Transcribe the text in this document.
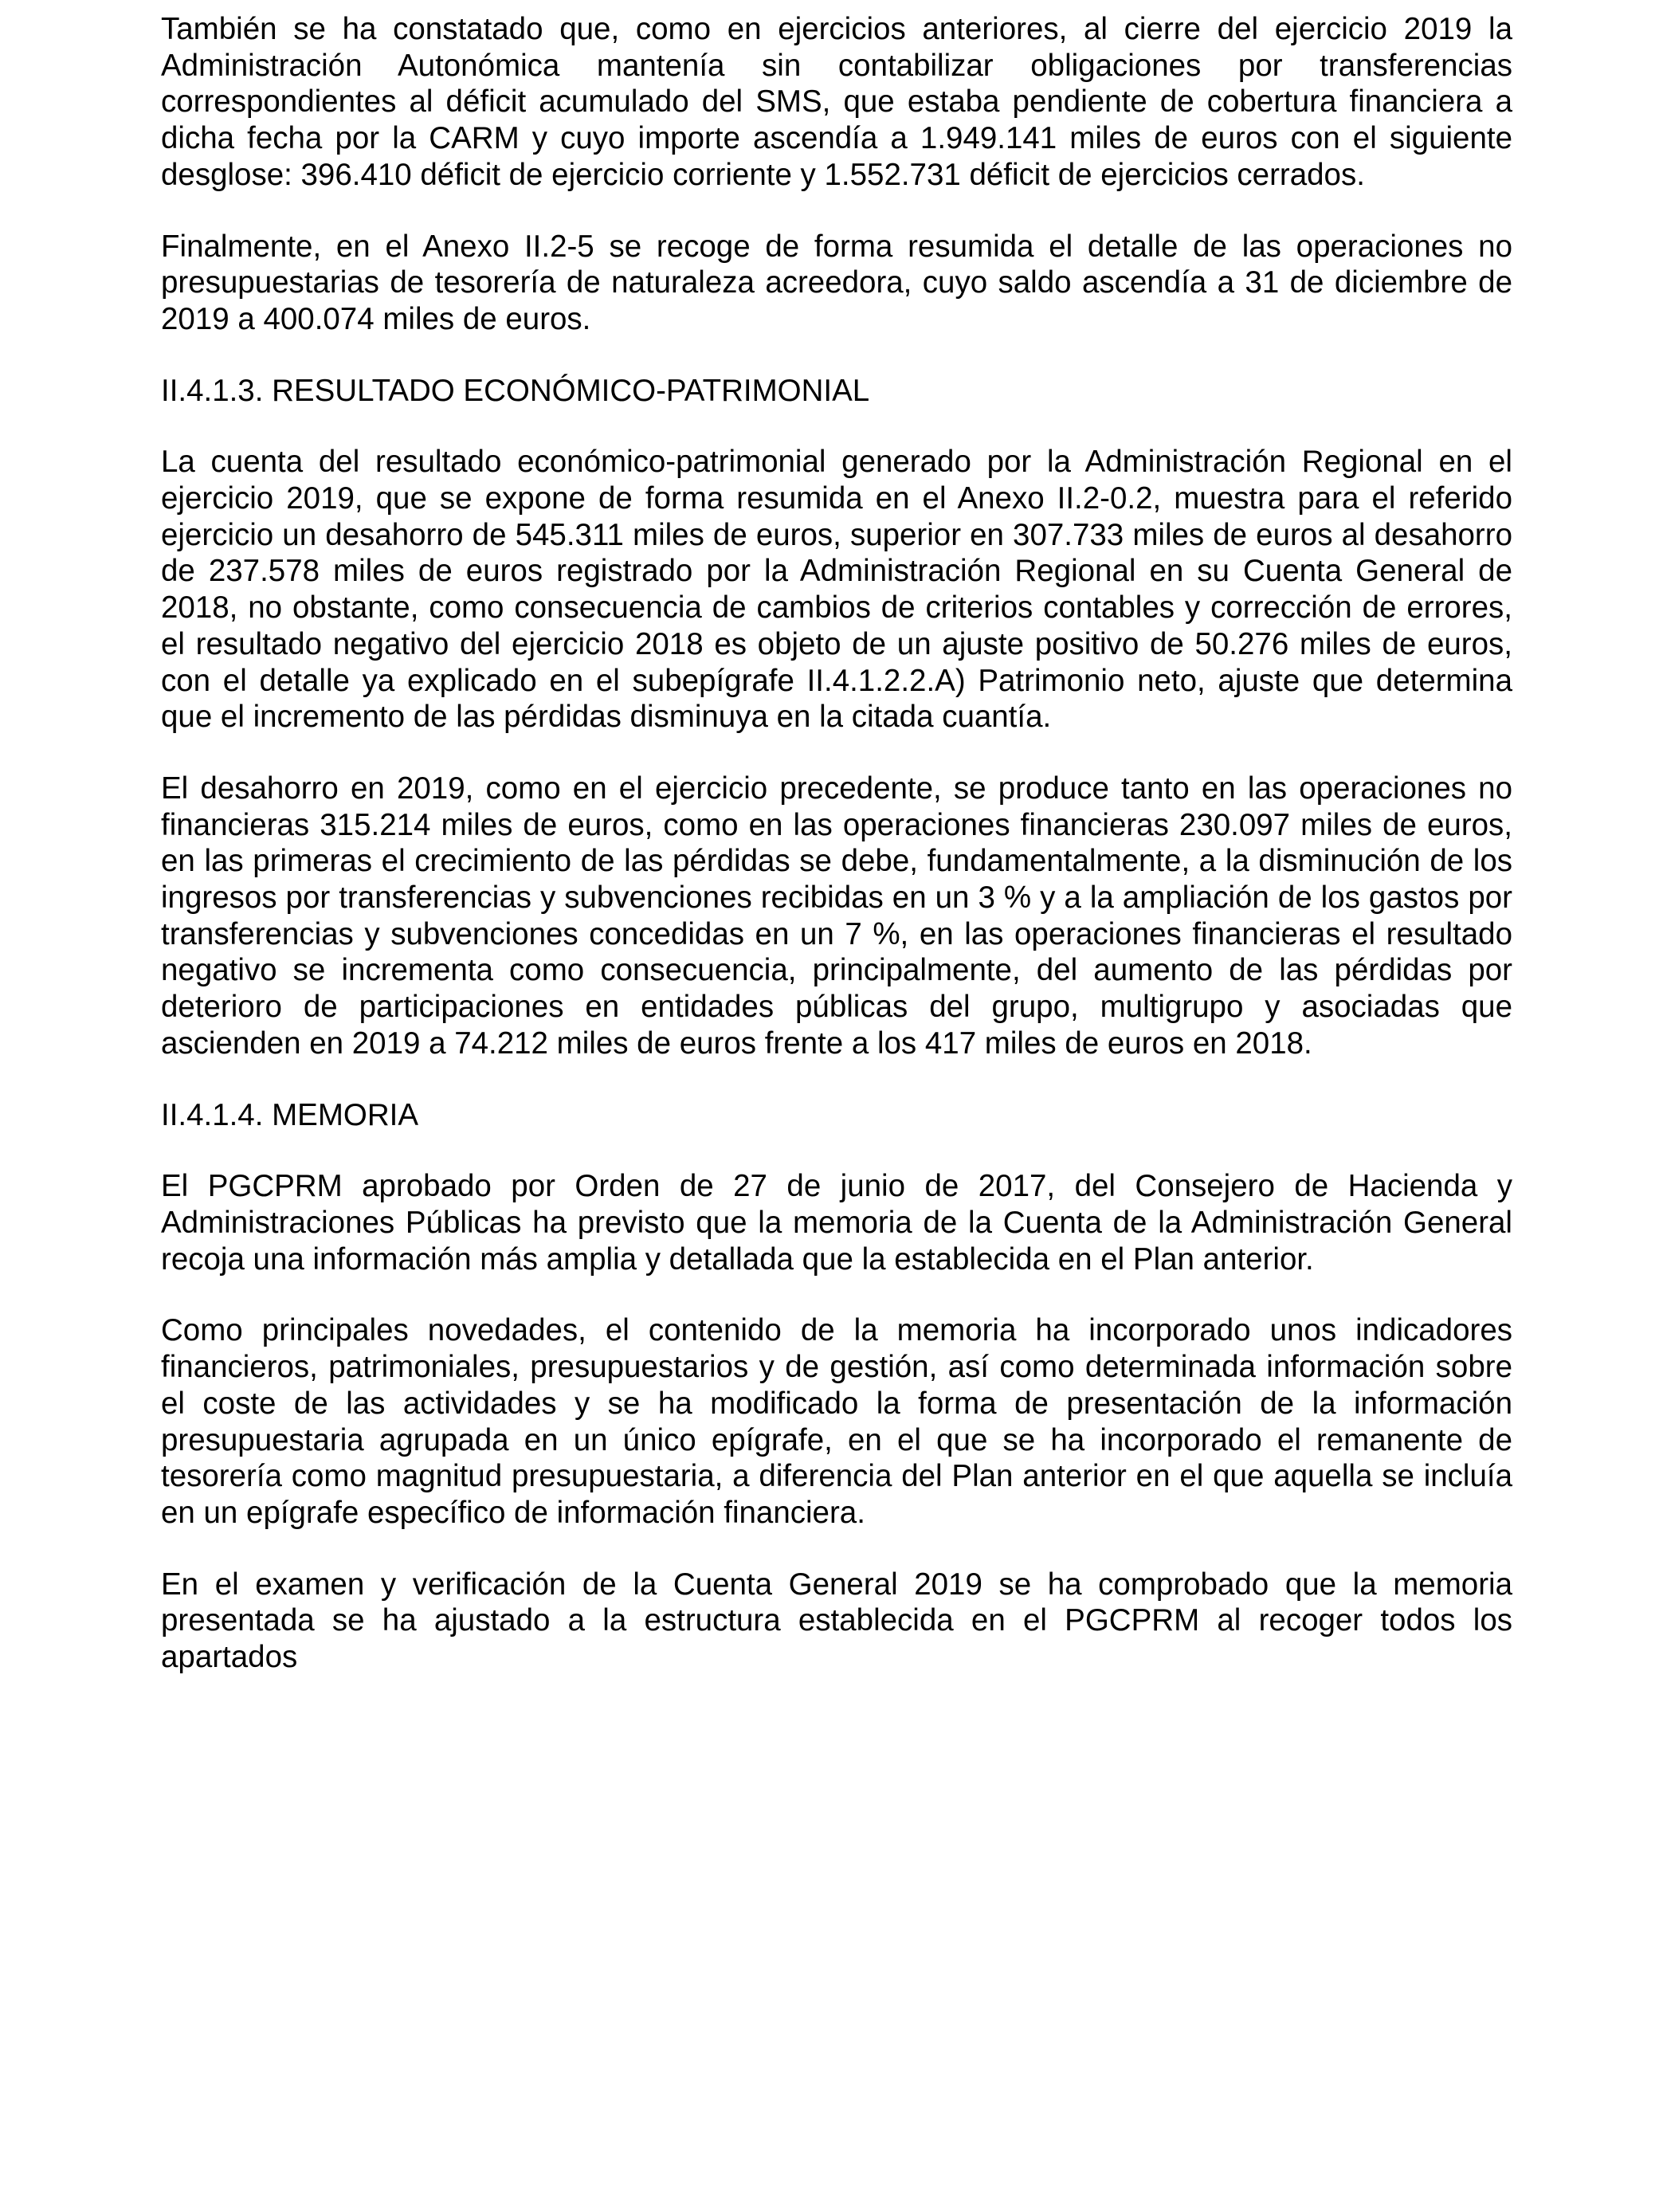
También se ha constatado que, como en ejercicios anteriores, al cierre del ejercicio 2019 la Administración Autonómica mantenía sin contabilizar obligaciones por transferencias correspondientes al déficit acumulado del SMS, que estaba pendiente de cobertura financiera a dicha fecha por la CARM y cuyo importe ascendía a 1.949.141 miles de euros con el siguiente desglose: 396.410 déficit de ejercicio corriente y 1.552.731 déficit de ejercicios cerrados.

Finalmente, en el Anexo II.2-5 se recoge de forma resumida el detalle de las operaciones no presupuestarias de tesorería de naturaleza acreedora, cuyo saldo ascendía a 31 de diciembre de 2019 a 400.074 miles de euros.

II.4.1.3. RESULTADO ECONÓMICO-PATRIMONIAL

La cuenta del resultado económico-patrimonial generado por la Administración Regional en el ejercicio 2019, que se expone de forma resumida en el Anexo II.2-0.2, muestra para el referido ejercicio un desahorro de 545.311 miles de euros, superior en 307.733 miles de euros al desahorro de 237.578 miles de euros registrado por la Administración Regional en su Cuenta General de 2018, no obstante, como consecuencia de cambios de criterios contables y corrección de errores, el resultado negativo del ejercicio 2018 es objeto de un ajuste positivo de 50.276 miles de euros, con el detalle ya explicado en el subepígrafe II.4.1.2.2.A) Patrimonio neto, ajuste que determina que el incremento de las pérdidas disminuya en la citada cuantía.

El desahorro en 2019, como en el ejercicio precedente, se produce tanto en las operaciones no financieras 315.214 miles de euros, como en las operaciones financieras 230.097 miles de euros, en las primeras el crecimiento de las pérdidas se debe, fundamentalmente, a la disminución de los ingresos por transferencias y subvenciones recibidas en un 3 % y a la ampliación de los gastos por transferencias y subvenciones concedidas en un 7 %, en las operaciones financieras el resultado negativo se incrementa como consecuencia, principalmente, del aumento de las pérdidas por deterioro de participaciones en entidades públicas del grupo, multigrupo y asociadas que ascienden en 2019 a 74.212 miles de euros frente a los 417 miles de euros en 2018.

II.4.1.4. MEMORIA

El PGCPRM aprobado por Orden de 27 de junio de 2017, del Consejero de Hacienda y Administraciones Públicas ha previsto que la memoria de la Cuenta de la Administración General recoja una información más amplia y detallada que la establecida en el Plan anterior.

Como principales novedades, el contenido de la memoria ha incorporado unos indicadores financieros, patrimoniales, presupuestarios y de gestión, así como determinada información sobre el coste de las actividades y se ha modificado la forma de presentación de la información presupuestaria agrupada en un único epígrafe, en el que se ha incorporado el remanente de tesorería como magnitud presupuestaria, a diferencia del Plan anterior en el que aquella se incluía en un epígrafe específico de información financiera.

En el examen y verificación de la Cuenta General 2019 se ha comprobado que la memoria presentada se ha ajustado a la estructura establecida en el PGCPRM al recoger todos los apartados
